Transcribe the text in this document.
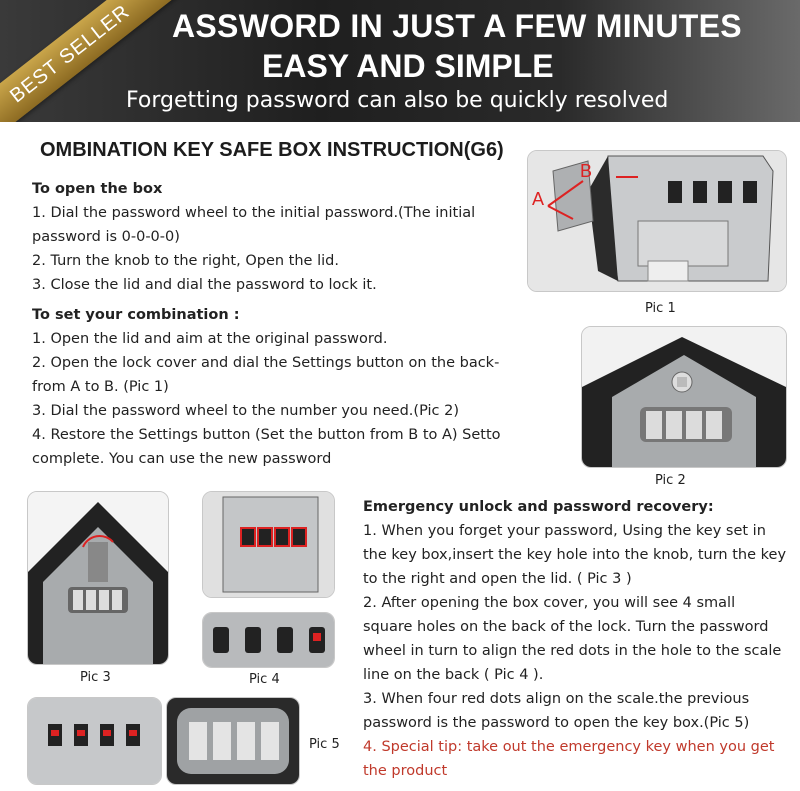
ASSWORD IN JUST A FEW MINUTES
EASY AND SIMPLE
Forgetting password can also be quickly resolved
BEST SELLER
OMBINATION KEY SAFE BOX INSTRUCTION(G6)

To open the box

1. Dial the password wheel to the initial password.(The initial password is 0-0-0-0)

2. Turn the knob to the right, Open the lid.

3. Close the lid and dial the password to lock it.

To set your combination :

1. Open the lid and aim at the original password.

2. Open the lock cover and dial the Settings button on the back- from A to B. (Pic 1)

3. Dial the password wheel to the number you need.(Pic 2)

4. Restore the Settings button (Set the button from B to A) Setto complete. You can use the new password

Emergency unlock and password recovery:

1. When you forget your password, Using the key set in the key box,insert the key hole into the knob, turn the key to the right and open the lid. ( Pic 3 )

2. After opening the box cover, you will see 4 small square holes on the back of the lock. Turn the password wheel in turn to align the red dots in the hole to the scale line on the back ( Pic 4 ).

3. When four red dots align on the scale.the previous password is the password to open the key box.(Pic 5)

4. Special tip: take out the emergency key when you get the product

A
B
Pic 1
Pic 2
Pic 3	Pic 4
Pic 5
